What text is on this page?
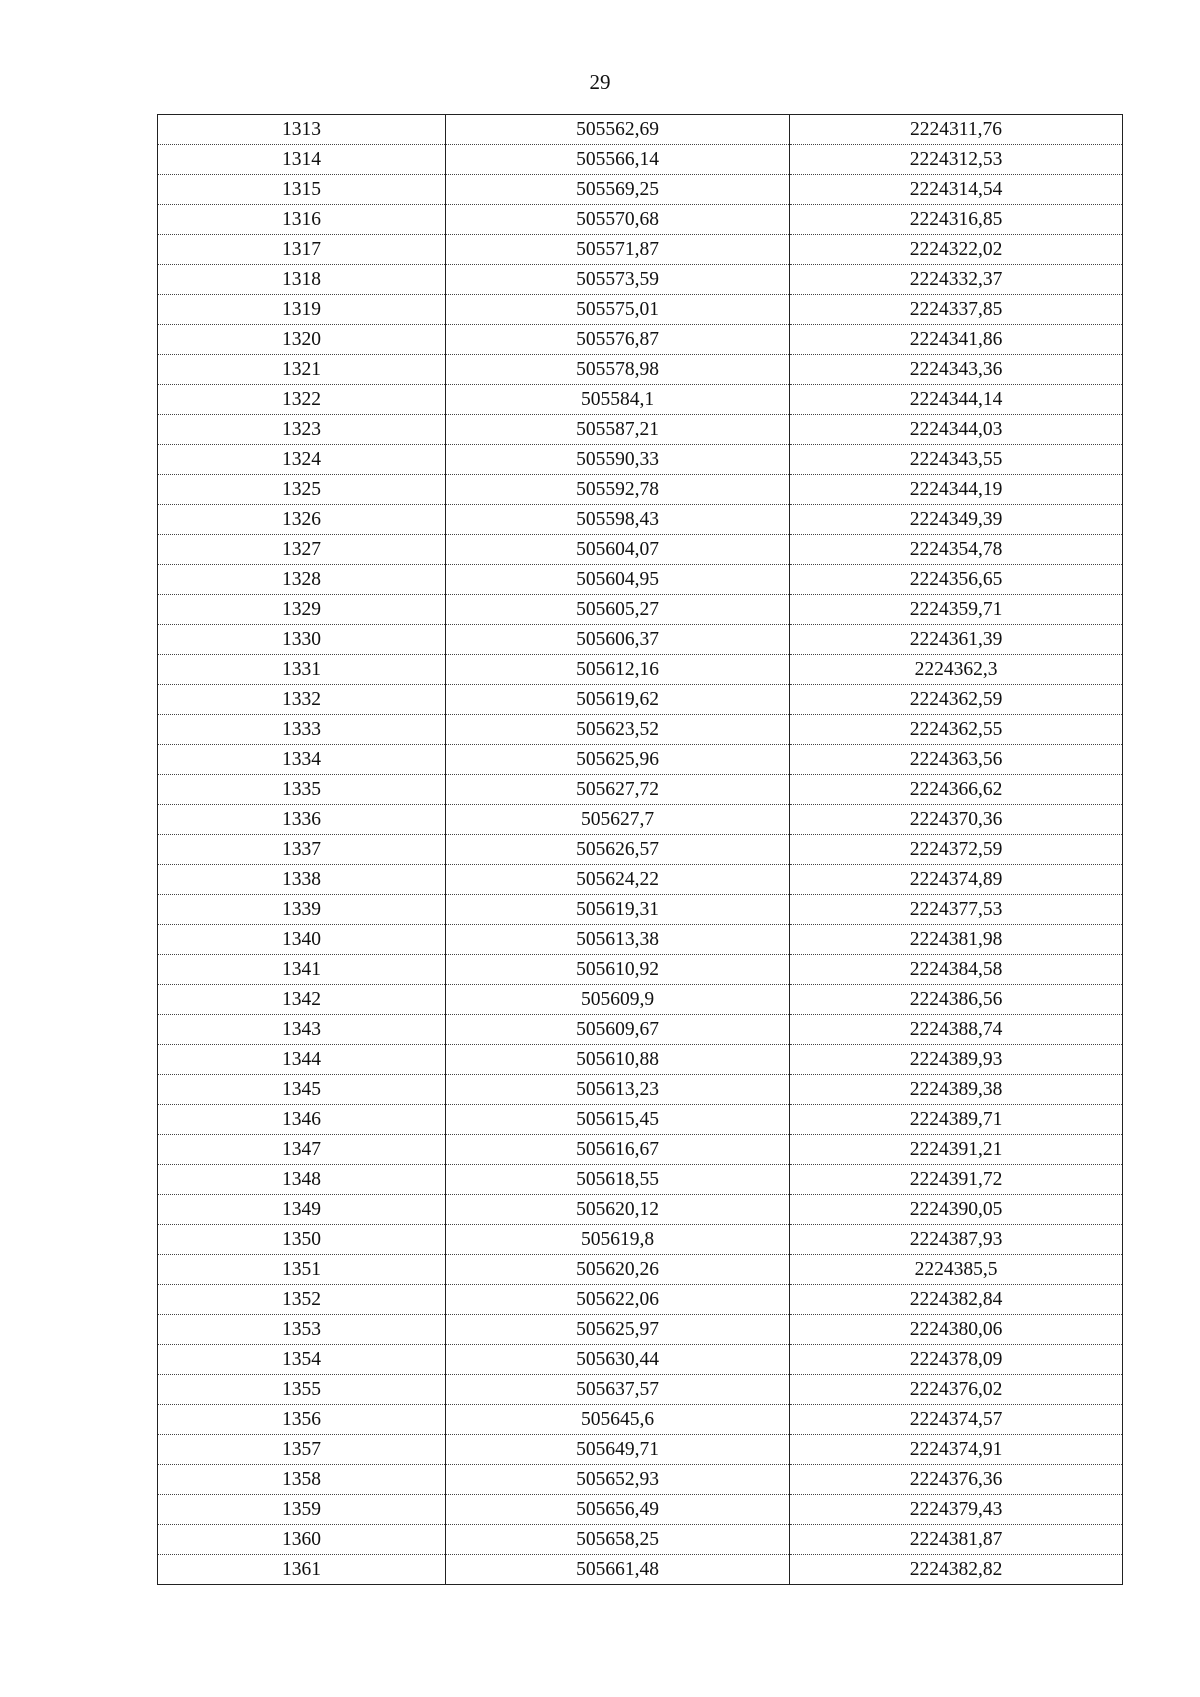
29
1313	505562,69	2224311,76
1314	505566,14	2224312,53
1315	505569,25	2224314,54
1316	505570,68	2224316,85
1317	505571,87	2224322,02
1318	505573,59	2224332,37
1319	505575,01	2224337,85
1320	505576,87	2224341,86
1321	505578,98	2224343,36
1322	505584,1	2224344,14
1323	505587,21	2224344,03
1324	505590,33	2224343,55
1325	505592,78	2224344,19
1326	505598,43	2224349,39
1327	505604,07	2224354,78
1328	505604,95	2224356,65
1329	505605,27	2224359,71
1330	505606,37	2224361,39
1331	505612,16	2224362,3
1332	505619,62	2224362,59
1333	505623,52	2224362,55
1334	505625,96	2224363,56
1335	505627,72	2224366,62
1336	505627,7	2224370,36
1337	505626,57	2224372,59
1338	505624,22	2224374,89
1339	505619,31	2224377,53
1340	505613,38	2224381,98
1341	505610,92	2224384,58
1342	505609,9	2224386,56
1343	505609,67	2224388,74
1344	505610,88	2224389,93
1345	505613,23	2224389,38
1346	505615,45	2224389,71
1347	505616,67	2224391,21
1348	505618,55	2224391,72
1349	505620,12	2224390,05
1350	505619,8	2224387,93
1351	505620,26	2224385,5
1352	505622,06	2224382,84
1353	505625,97	2224380,06
1354	505630,44	2224378,09
1355	505637,57	2224376,02
1356	505645,6	2224374,57
1357	505649,71	2224374,91
1358	505652,93	2224376,36
1359	505656,49	2224379,43
1360	505658,25	2224381,87
1361	505661,48	2224382,82
